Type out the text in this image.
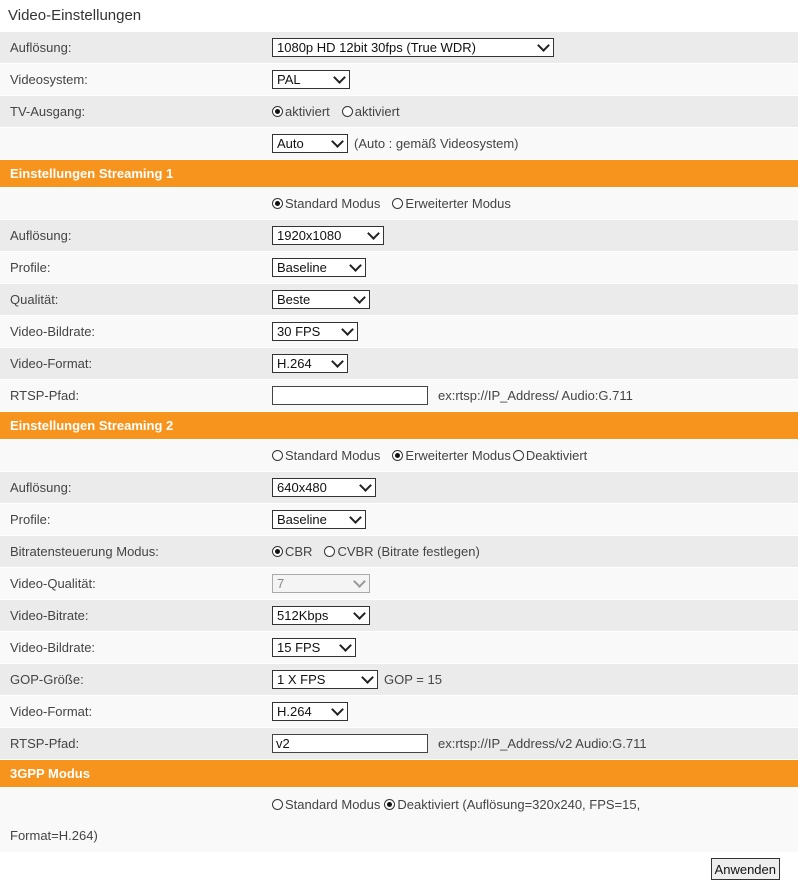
Video-Einstellungen
Auflösung:	1080p HD 12bit 30fps (True WDR)
Videosystem:	PAL
TV-Ausgang:	aktiviert aktiviert
Auto	(Auto : gemäß Videosystem)
Einstellungen Streaming 1
Standard Modus Erweiterter Modus
Auflösung:	1920x1080
Profile:	Baseline
Qualität:	Beste
Video-Bildrate:	30 FPS
Video-Format:	H.264
RTSP-Pfad:	ex:rtsp://IP_Address/ Audio:G.711
Einstellungen Streaming 2
Standard Modus Erweiterter Modus Deaktiviert
Auflösung:	640x480
Profile:	Baseline
Bitratensteuerung Modus:	CBR CVBR (Bitrate festlegen)
Video-Qualität:	7
Video-Bitrate:	512Kbps
Video-Bildrate:	15 FPS
GOP-Größe:	1 X FPS	GOP = 15
Video-Format:	H.264
RTSP-Pfad:	v2	ex:rtsp://IP_Address/v2 Audio:G.711
3GPP Modus
Standard Modus Deaktiviert (Auflösung=320x240, FPS=15,
Format=H.264)
Anwenden
